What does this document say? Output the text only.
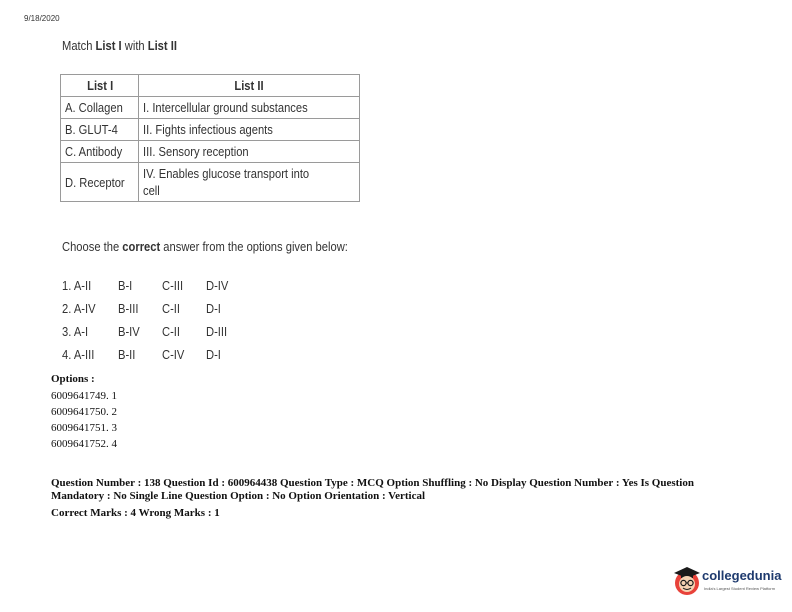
9/18/2020
Match List I with List II
List I	List II
A. Collagen	I. Intercellular ground substances
B. GLUT-4	II. Fights infectious agents
C. Antibody	III. Sensory reception
D. Receptor	IV. Enables glucose transport into cell
Choose the correct answer from the options given below:
1. A-II B-I C-III D-IV
2. A-IV B-III C-II D-I
3. A-I B-IV C-II D-III
4. A-III B-II C-IV D-I
Options :
6009641749. 1
6009641750. 2
6009641751. 3
6009641752. 4
Question Number : 138 Question Id : 600964438 Question Type : MCQ Option Shuffling : No Display Question Number : Yes Is Question Mandatory : No Single Line Question Option : No Option Orientation : Vertical
Correct Marks : 4 Wrong Marks : 1
collegedunia
India's Largest Student Review Platform
